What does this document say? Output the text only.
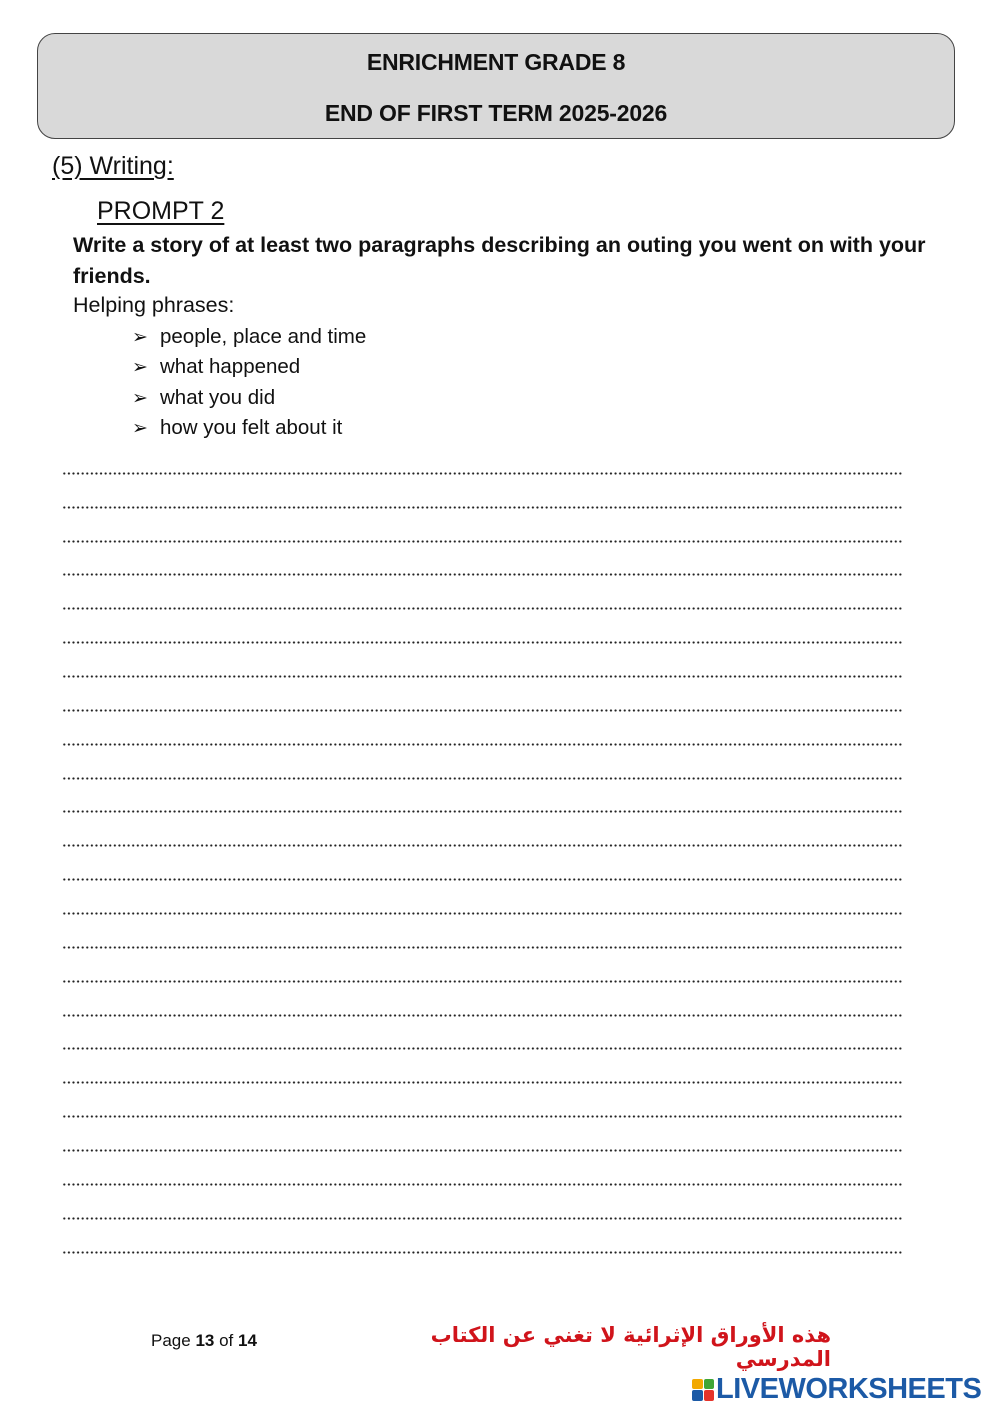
ENRICHMENT GRADE 8
END OF FIRST TERM 2025-2026
(5) Writing:
PROMPT 2
Write a story of at least two paragraphs describing an outing you went on with your friends.
Helping phrases:
➢ people, place and time
➢ what happened
➢ what you did
➢ how you felt about it
Page 13 of 14	هذه الأوراق الإثرائية لا تغني عن الكتاب المدرسي
LIVEWORKSHEETS
